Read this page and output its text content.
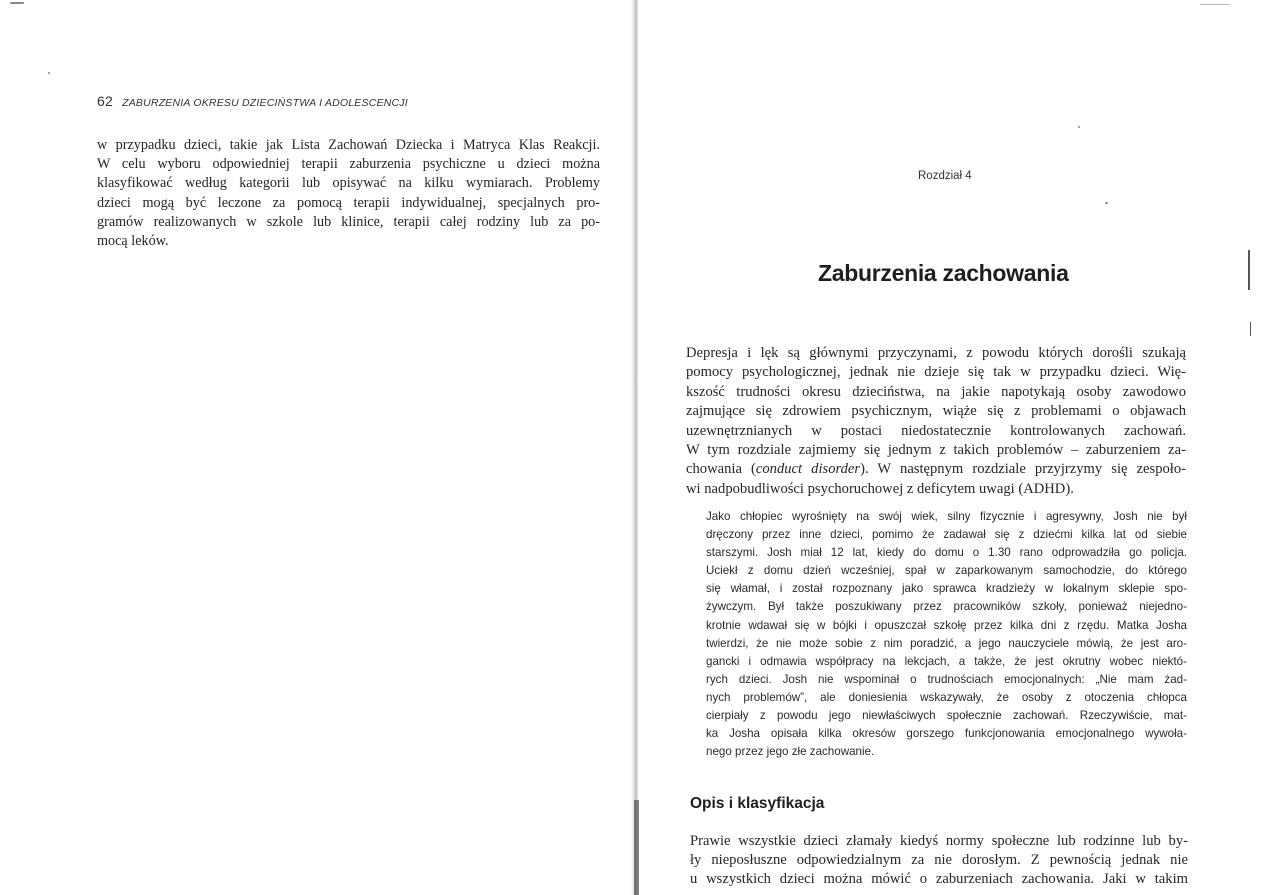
62 ZABURZENIA OKRESU DZIECIŃSTWA I ADOLESCENCJI
w przypadku dzieci, takie jak Lista Zachowań Dziecka i Matryca Klas Reakcji.
W celu wyboru odpowiedniej terapii zaburzenia psychiczne u dzieci można
klasyfikować według kategorii lub opisywać na kilku wymiarach. Problemy
dzieci mogą być leczone za pomocą terapii indywidualnej, specjalnych pro-
gramów realizowanych w szkole lub klinice, terapii całej rodziny lub za po-
mocą leków.
Rozdział 4
Zaburzenia zachowania
Depresja i lęk są głównymi przyczynami, z powodu których dorośli szukają
pomocy psychologicznej, jednak nie dzieje się tak w przypadku dzieci. Wię-
kszość trudności okresu dzieciństwa, na jakie napotykają osoby zawodowo
zajmujące się zdrowiem psychicznym, wiąże się z problemami o objawach
uzewnętrznianych w postaci niedostatecznie kontrolowanych zachowań.
W tym rozdziale zajmiemy się jednym z takich problemów – zaburzeniem za-
chowania (conduct disorder). W następnym rozdziale przyjrzymy się zespoło-
wi nadpobudliwości psychoruchowej z deficytem uwagi (ADHD).
Jako chłopiec wyrośnięty na swój wiek, silny fizycznie i agresywny, Josh nie był
dręczony przez inne dzieci, pomimo że zadawał się z dziećmi kilka lat od siebie
starszymi. Josh miał 12 lat, kiedy do domu o 1.30 rano odprowadziła go policja.
Uciekł z domu dzień wcześniej, spał w zaparkowanym samochodzie, do którego
się włamał, i został rozpoznany jako sprawca kradzieży w lokalnym sklepie spo-
żywczym. Był także poszukiwany przez pracowników szkoły, ponieważ niejedno-
krotnie wdawał się w bójki i opuszczał szkołę przez kilka dni z rzędu. Matka Josha
twierdzi, że nie może sobie z nim poradzić, a jego nauczyciele mówią, że jest aro-
gancki i odmawia współpracy na lekcjach, a także, że jest okrutny wobec niektó-
rych dzieci. Josh nie wspominał o trudnościach emocjonalnych: „Nie mam żad-
nych problemów”, ale doniesienia wskazywały, że osoby z otoczenia chłopca
cierpiały z powodu jego niewłaściwych społecznie zachowań. Rzeczywiście, mat-
ka Josha opisała kilka okresów gorszego funkcjonowania emocjonalnego wywoła-
nego przez jego złe zachowanie.
Opis i klasyfikacja
Prawie wszystkie dzieci złamały kiedyś normy społeczne lub rodzinne lub by-
ły nieposłuszne odpowiedzialnym za nie dorosłym. Z pewnością jednak nie
u wszystkich dzieci można mówić o zaburzeniach zachowania. Jaki w takim
